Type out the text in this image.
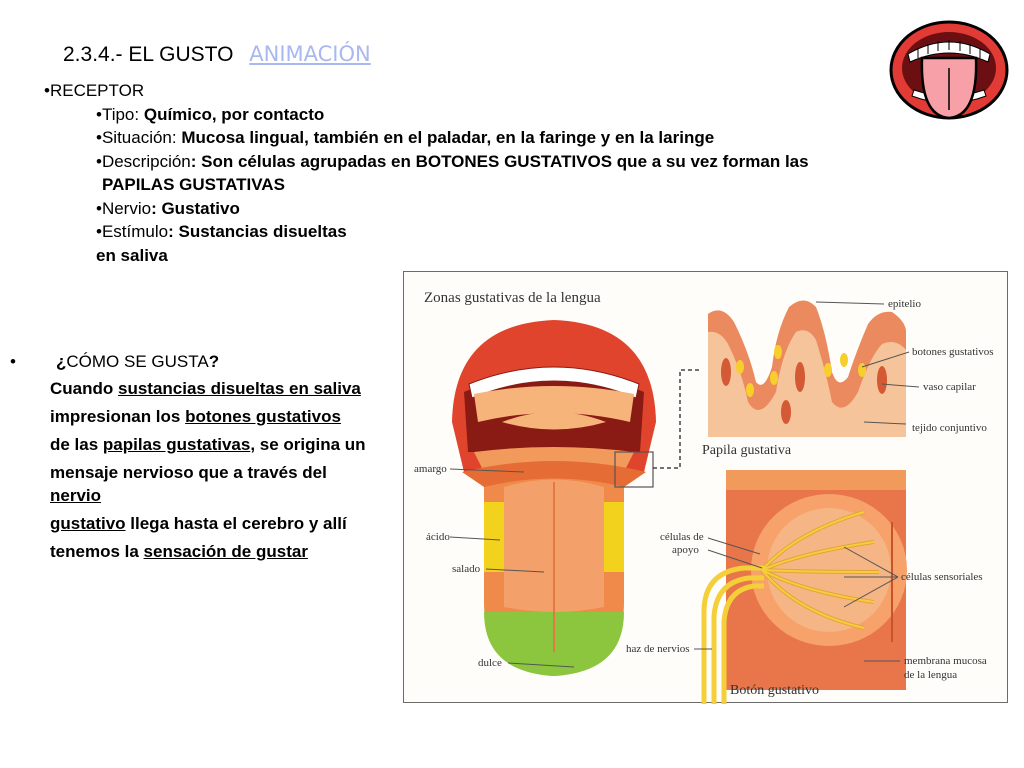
2.3.4.- EL GUSTO ANIMACIÓN
•RECEPTOR
•Tipo: Químico, por contacto
•Situación: Mucosa lingual, también en el paladar, en la faringe y en la laringe
•Descripción: Son células agrupadas en BOTONES GUSTATIVOS que a su vez forman las
PAPILAS GUSTATIVAS
•Nervio: Gustativo
•Estímulo: Sustancias disueltas
en saliva
• ¿CÓMO SE GUSTA?

Cuando sustancias disueltas en saliva

impresionan los botones gustativos

de las papilas gustativas, se origina un

mensaje nervioso que a través del nervio

gustativo llega hasta el cerebro y allí

tenemos la sensación de gustar

Zonas gustativas de la lengua
amargo
ácido
salado
dulce
epitelio
botones gustativos
vaso capilar
tejido conjuntivo
Papila gustativa
células de
apoyo
células sensoriales
haz de nervios
membrana mucosa
de la lengua
Botón gustativo
